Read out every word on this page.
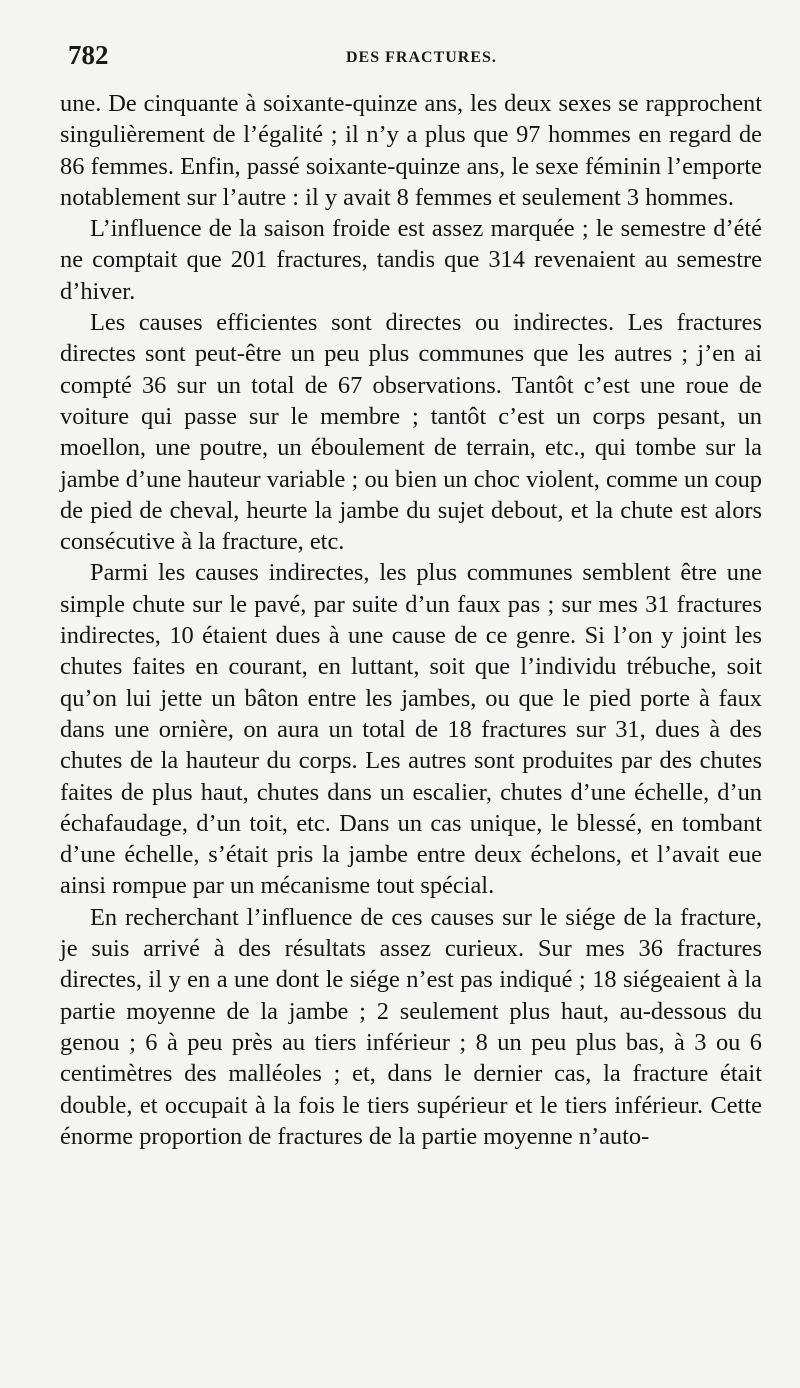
782	DES FRACTURES.

une. De cinquante à soixante-quinze ans, les deux sexes se rapprochent singulièrement de l’égalité ; il n’y a plus que 97 hommes en regard de 86 femmes. Enfin, passé soixante-quinze ans, le sexe féminin l’emporte notablement sur l’autre : il y avait 8 femmes et seulement 3 hommes.

L’influence de la saison froide est assez marquée ; le semestre d’été ne comptait que 201 fractures, tandis que 314 revenaient au semestre d’hiver.

Les causes efficientes sont directes ou indirectes. Les fractures directes sont peut-être un peu plus communes que les autres ; j’en ai compté 36 sur un total de 67 observations. Tantôt c’est une roue de voiture qui passe sur le membre ; tantôt c’est un corps pesant, un moellon, une poutre, un éboulement de terrain, etc., qui tombe sur la jambe d’une hauteur variable ; ou bien un choc violent, comme un coup de pied de cheval, heurte la jambe du sujet debout, et la chute est alors consécutive à la fracture, etc.

Parmi les causes indirectes, les plus communes semblent être une simple chute sur le pavé, par suite d’un faux pas ; sur mes 31 fractures indirectes, 10 étaient dues à une cause de ce genre. Si l’on y joint les chutes faites en courant, en luttant, soit que l’individu trébuche, soit qu’on lui jette un bâton entre les jambes, ou que le pied porte à faux dans une ornière, on aura un total de 18 fractures sur 31, dues à des chutes de la hauteur du corps. Les autres sont produites par des chutes faites de plus haut, chutes dans un escalier, chutes d’une échelle, d’un échafaudage, d’un toit, etc. Dans un cas unique, le blessé, en tombant d’une échelle, s’était pris la jambe entre deux échelons, et l’avait eue ainsi rompue par un mécanisme tout spécial.

En recherchant l’influence de ces causes sur le siége de la fracture, je suis arrivé à des résultats assez curieux. Sur mes 36 fractures directes, il y en a une dont le siége n’est pas indiqué ; 18 siégeaient à la partie moyenne de la jambe ; 2 seulement plus haut, au-dessous du genou ; 6 à peu près au tiers inférieur ; 8 un peu plus bas, à 3 ou 6 centimètres des malléoles ; et, dans le dernier cas, la fracture était double, et occupait à la fois le tiers supérieur et le tiers inférieur. Cette énorme proportion de fractures de la partie moyenne n’auto-
